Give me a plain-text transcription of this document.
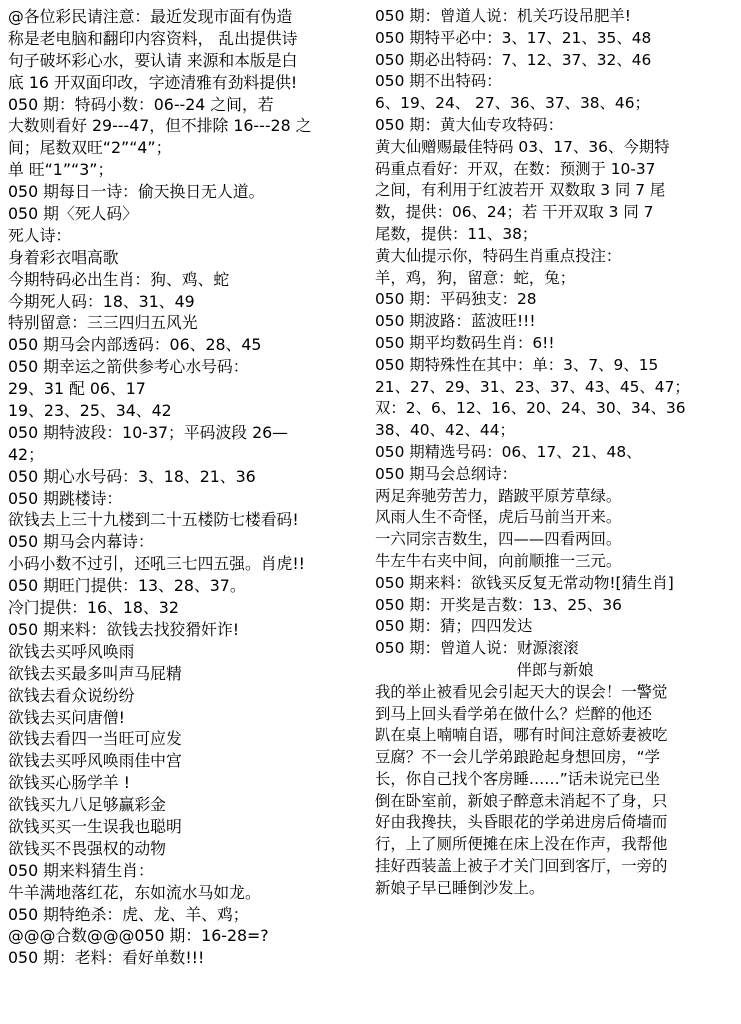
@各位彩民请注意：最近发现市面有伪造
称是老电脑和翻印内容资料， 乱出提供诗
句子破坏彩心水，要认请 来源和本版是白
底 16 开双面印改，字迹清雅有劲料提供!
050 期：特码小数：06--24 之间，若
大数则看好 29---47，但不排除 16---28 之
间；尾数双旺“2”“4”；
单 旺“1”“3”；
050 期每日一诗：偷天换日无人道。
050 期〈死人码〉
死人诗：
身着彩衣唱高歌
今期特码必出生肖：狗、鸡、蛇
今期死人码：18、31、49
特别留意：三三四归五风光
050 期马会内部透码：06、28、45
050 期幸运之箭供参考心水号码：
29、31 配 06、17
19、23、25、34、42
050 期特波段：10-37；平码波段 26—
42；
050 期心水号码：3、18、21、36
050 期跳楼诗：
欲钱去上三十九楼到二十五楼防七楼看码!
050 期马会内幕诗：
小码小数不过引，还吼三七四五强。肖虎!!
050 期旺门提供：13、28、37。
冷门提供：16、18、32
050 期来料：欲钱去找狡猾奸诈!
欲钱去买呼风唤雨
欲钱去买最多叫声马屁精
欲钱去看众说纷纷
欲钱去买问唐僧!
欲钱去看四一当旺可应发
欲钱去买呼风唤雨佳中宫
欲钱买心肠学羊 !
欲钱买九八足够赢彩金
欲钱买买一生误我也聪明
欲钱买不畏强权的动物
050 期来料猜生肖：
牛羊满地落红花，东如流水马如龙。
050 期特绝杀：虎、龙、羊、鸡；
@@@合数@@@050 期：16-28=?
050 期：老料：看好单数!!!
050 期：曾道人说：机关巧设吊肥羊!
050 期特平必中：3、17、21、35、48
050 期必出特码：7、12、37、32、46
050 期不出特码：
6、19、24、 27、36、37、38、46；
050 期：黄大仙专攻特码：
黄大仙赠赐最佳特码 03、17、36、今期特
码重点看好：开双，在数：预测于 10-37
之间，有利用于红波若开 双数取 3 同 7 尾
数，提供：06、24；若 干开双取 3 同 7
尾数，提供：11、38；
黄大仙提示你，特码生肖重点投注：
羊，鸡，狗，留意：蛇，兔；
050 期：平码独支：28
050 期波路：蓝波旺!!!
050 期平均数码生肖：6!!
050 期特殊性在其中：单：3、7、9、15
21、27、29、31、23、37、43、45、47；
双：2、6、12、16、20、24、30、34、36
38、40、42、44；
050 期精选号码：06、17、21、48、
050 期马会总纲诗：
两足奔驰劳苦力，踏跛平原芳草绿。
风雨人生不奇怪，虎后马前当开来。
一六同宗吉数生，四——四看两回。
牛左牛右夹中间，向前顺推一三元。
050 期来料：欲钱买反复无常动物![猜生肖]
050 期：开奖是吉数：13、25、36
050 期：猜；四四发达
050 期：曾道人说：财源滚滚
伴郎与新娘
我的举止被看见会引起天大的误会！一警觉
到马上回头看学弟在做什么？烂醉的他还
趴在桌上喃喃自语，哪有时间注意娇妻被吃
豆腐？不一会儿学弟踉跄起身想回房，“学
长，你自己找个客房睡……”话未说完已坐
倒在卧室前，新娘子醉意未消起不了身，只
好由我搀扶，头昏眼花的学弟进房后倚墙而
行，上了厕所便摊在床上没在作声，我帮他
挂好西装盖上被子才关门回到客厅，一旁的
新娘子早已睡倒沙发上。
